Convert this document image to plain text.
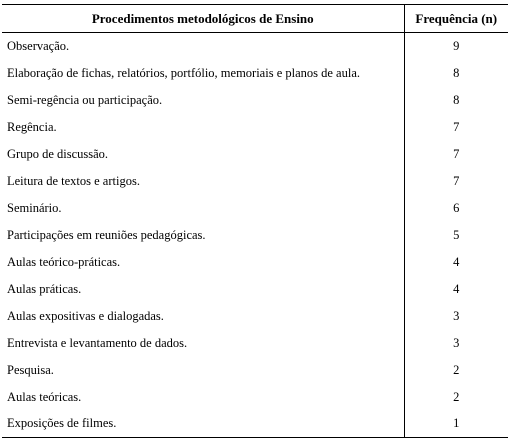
Procedimentos metodológicos de Ensino	Frequência (n)
Observação.	9
Elaboração de fichas, relatórios, portfólio, memoriais e planos de aula.	8
Semi-regência ou participação.	8
Regência.	7
Grupo de discussão.	7
Leitura de textos e artigos.	7
Seminário.	6
Participações em reuniões pedagógicas.	5
Aulas teórico-práticas.	4
Aulas práticas.	4
Aulas expositivas e dialogadas.	3
Entrevista e levantamento de dados.	3
Pesquisa.	2
Aulas teóricas.	2
Exposições de filmes.	1
